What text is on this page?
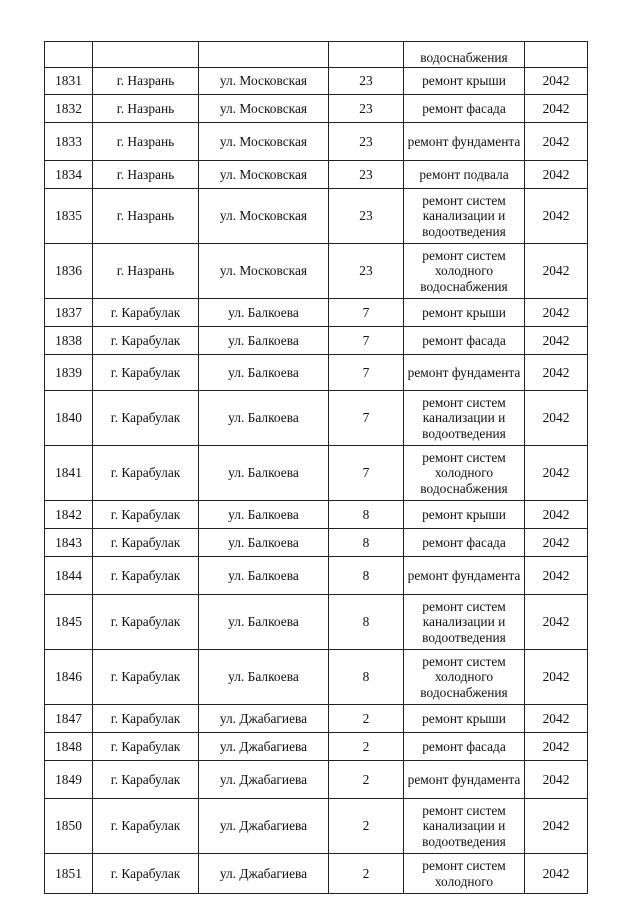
				водоснабжения	
1831	г. Назрань	ул. Московская	23	ремонт крыши	2042
1832	г. Назрань	ул. Московская	23	ремонт фасада	2042
1833	г. Назрань	ул. Московская	23	ремонт фундамента	2042
1834	г. Назрань	ул. Московская	23	ремонт подвала	2042
1835	г. Назрань	ул. Московская	23	ремонт систем канализации и водоотведения	2042
1836	г. Назрань	ул. Московская	23	ремонт систем холодного водоснабжения	2042
1837	г. Карабулак	ул. Балкоева	7	ремонт крыши	2042
1838	г. Карабулак	ул. Балкоева	7	ремонт фасада	2042
1839	г. Карабулак	ул. Балкоева	7	ремонт фундамента	2042
1840	г. Карабулак	ул. Балкоева	7	ремонт систем канализации и водоотведения	2042
1841	г. Карабулак	ул. Балкоева	7	ремонт систем холодного водоснабжения	2042
1842	г. Карабулак	ул. Балкоева	8	ремонт крыши	2042
1843	г. Карабулак	ул. Балкоева	8	ремонт фасада	2042
1844	г. Карабулак	ул. Балкоева	8	ремонт фундамента	2042
1845	г. Карабулак	ул. Балкоева	8	ремонт систем канализации и водоотведения	2042
1846	г. Карабулак	ул. Балкоева	8	ремонт систем холодного водоснабжения	2042
1847	г. Карабулак	ул. Джабагиева	2	ремонт крыши	2042
1848	г. Карабулак	ул. Джабагиева	2	ремонт фасада	2042
1849	г. Карабулак	ул. Джабагиева	2	ремонт фундамента	2042
1850	г. Карабулак	ул. Джабагиева	2	ремонт систем канализации и водоотведения	2042
1851	г. Карабулак	ул. Джабагиева	2	ремонт систем холодного	2042
